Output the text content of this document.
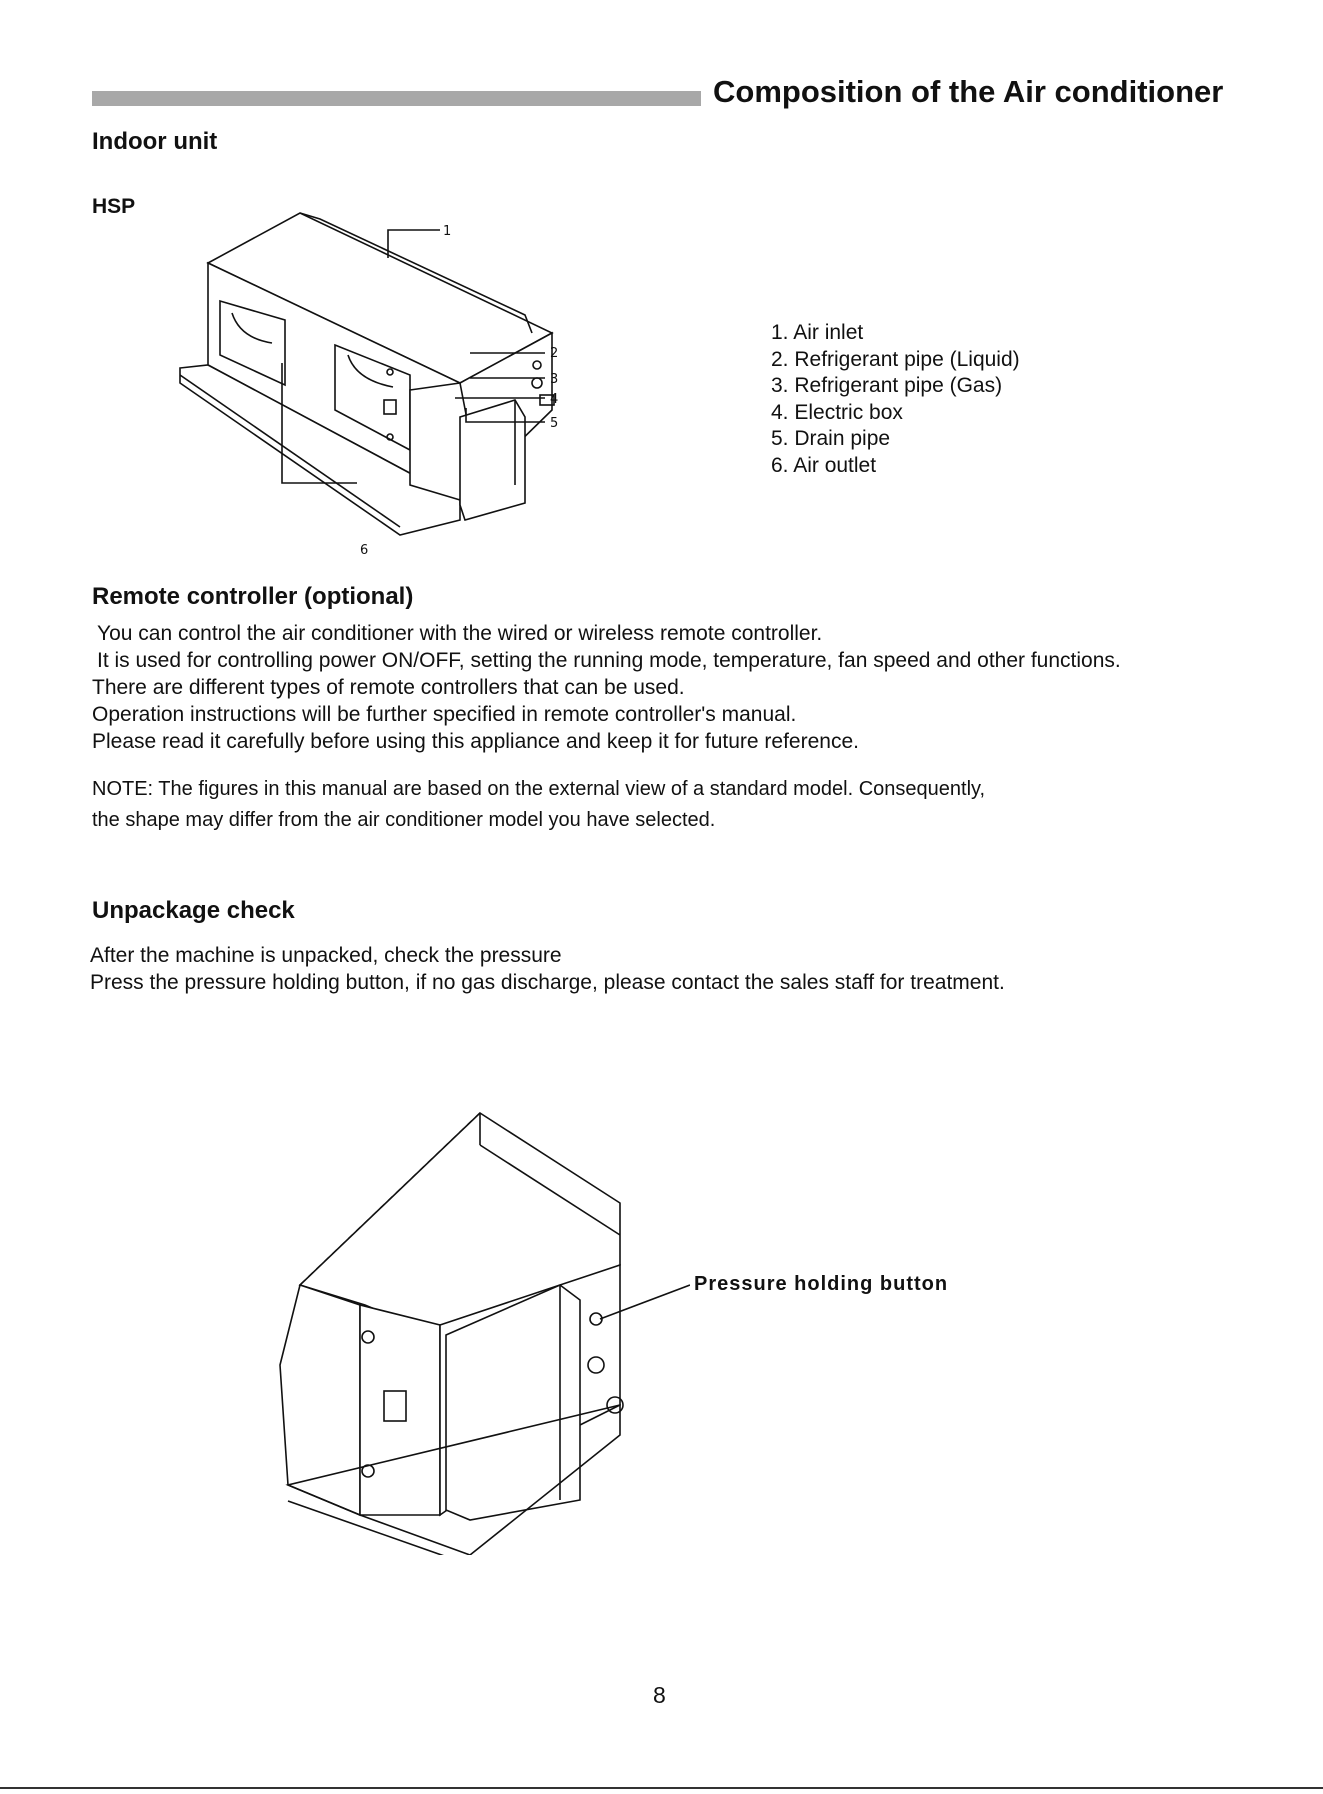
Composition of the Air conditioner
Indoor unit
HSP
1
2
3
4
5
6
1. Air inlet
2. Refrigerant pipe (Liquid)
3. Refrigerant pipe (Gas)
4. Electric box
5. Drain pipe
6. Air outlet
Remote controller (optional)
You can control the air conditioner with the wired or wireless remote controller.
It is used for controlling power ON/OFF, setting the running mode, temperature, fan speed and other functions.
There are different types of remote controllers that can be used.
Operation instructions will be further specified in remote controller's manual.
Please read it carefully before using this appliance and keep it for future reference.
NOTE: The figures in this manual are based on the external view of a standard model. Consequently,
the shape may differ from the air conditioner model you have selected.
Unpackage check
After the machine is unpacked, check the pressure
Press the pressure holding button, if no gas discharge, please contact the sales staff for treatment.
Pressure holding button
8
